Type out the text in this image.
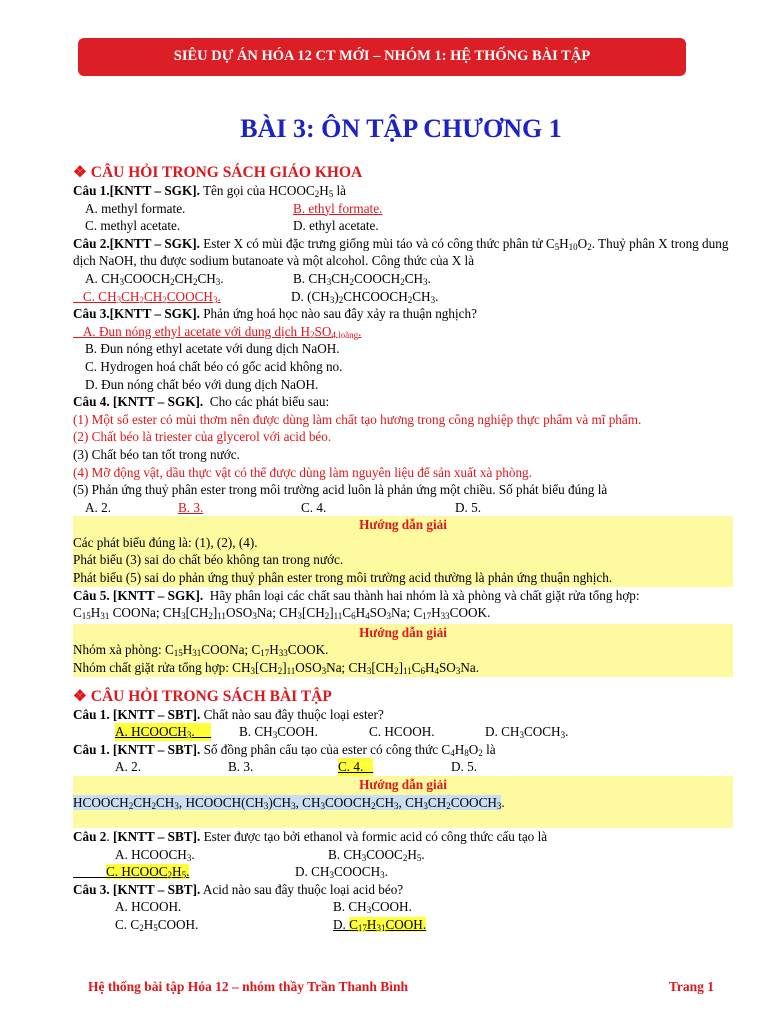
SIÊU DỰ ÁN HÓA 12 CT MỚI – NHÓM 1: HỆ THỐNG BÀI TẬP
BÀI 3: ÔN TẬP CHƯƠNG 1
❖ CÂU HỎI TRONG SÁCH GIÁO KHOA
Câu 1.[KNTT – SGK]. Tên gọi của $HCOOC_2H_5$ là
A. methyl formate.	B. ethyl formate.
C. methyl acetate.	D. ethyl acetate.
Câu 2.[KNTT – SGK]. Ester X có mùi đặc trưng giống mùi táo và có công thức phân tử $C_5H_{10}O_2$. Thuỷ phân X trong dung dịch NaOH, thu được sodium butanoate và một alcohol. Công thức của X là
A. $CH_3COOCH_2CH_2CH_3$.	B. $CH_3CH_2COOCH_2CH_3$.
C. $CH_3CH_2CH_2COOCH_3$.	D. $(CH_3)_2CHCOOCH_2CH_3$.
Câu 3.[KNTT – SGK]. Phản ứng hoá học nào sau đây xảy ra thuận nghịch?
A. Đun nóng ethyl acetate với dung dịch $H_2SO_{4 loãng}$.
B. Đun nóng ethyl acetate với dung dịch NaOH.
C. Hydrogen hoá chất béo có gốc acid không no.
D. Đun nóng chất béo với dung dịch NaOH.
Câu 4. [KNTT – SGK].  Cho các phát biểu sau:
(1) Một số ester có mùi thơm nên được dùng làm chất tạo hương trong công nghiệp thực phẩm và mĩ phẩm.
(2) Chất béo là triester của glycerol với acid béo.
(3) Chất béo tan tốt trong nước.
(4) Mỡ động vật, dầu thực vật có thể được dùng làm nguyên liệu để sản xuất xà phòng.
(5) Phản ứng thuỷ phân ester trong môi trường acid luôn là phản ứng một chiều. Số phát biểu đúng là
A. 2.	B. 3.	C. 4.	D. 5.
Hướng dẫn giải
Các phát biểu đúng là: (1), (2), (4).
Phát biểu (3) sai do chất béo không tan trong nước.
Phát biểu (5) sai do phản ứng thuỷ phân ester trong môi trường acid thường là phản ứng thuận nghịch.
Câu 5. [KNTT – SGK].  Hãy phân loại các chất sau thành hai nhóm là xà phòng và chất giặt rửa tổng hợp:
$C_{15}H_{31}$ COONa; $CH_3[CH_2]_{11}OSO_3Na$; $CH_3[CH_2]_{11}C_6H_4SO_3Na$; $C_{17}H_{33}COOK$.
Hướng dẫn giải
Nhóm xà phòng: $C_{15}H_{31}COONa$; $C_{17}H_{33}COOK$.
Nhóm chất giặt rửa tổng hợp: $CH_3[CH_2]_{11}OSO_3Na$; $CH_3[CH_2]_{11}C_6H_4SO_3Na$.
❖ CÂU HỎI TRONG SÁCH BÀI TẬP
Câu 1. [KNTT – SBT]. Chất nào sau đây thuộc loại ester?
A. $HCOOCH_3$. B. $CH_3COOH$.	C. HCOOH.	D. $CH_3COCH_3$.
Câu 1. [KNTT – SBT]. Số đồng phân cấu tạo của ester có công thức $C_4H_8O_2$ là
A. 2.	B. 3.	C. 4.	D. 5.
Hướng dẫn giải
$HCOOCH_2CH_2CH_3$, $HCOOCH(CH_3)CH_3$, $CH_3COOCH_2CH_3$, $CH_3CH_2COOCH_3$.
Câu 2. [KNTT – SBT]. Ester được tạo bởi ethanol và formic acid có công thức cấu tạo là
A. $HCOOCH_3$.	B. $CH_3COOC_2H_5$.
C. $HCOOC_2H_5$.	D. $CH_3COOCH_3$.
Câu 3. [KNTT – SBT]. Acid nào sau đây thuộc loại acid béo?
A. HCOOH.	B. $CH_3COOH$.
C. $C_2H_5COOH$.	D. $C_{17}H_{31}COOH$.
Hệ thống bài tập Hóa 12 – nhóm thầy Trần Thanh Bình	Trang 1
